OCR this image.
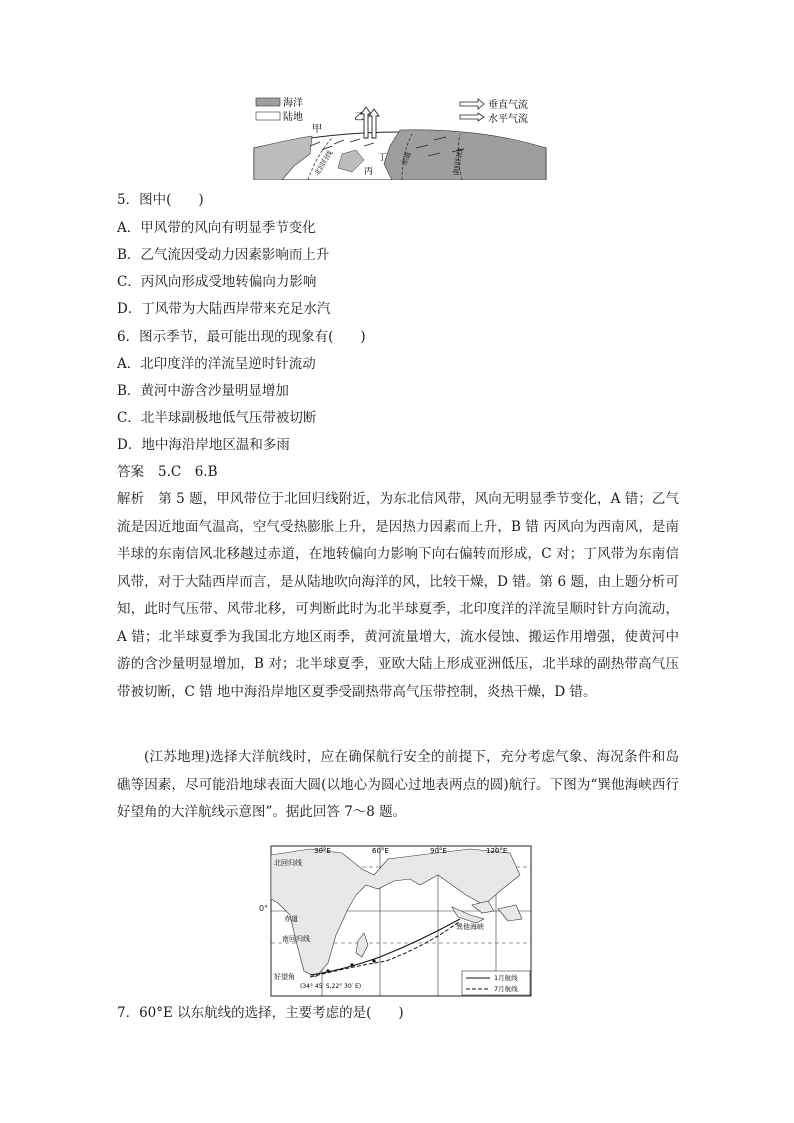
海洋
陆地
垂直气流
水平气流
甲
乙
丙
丁
北回归线	赤道	南回归线
5．图中(　　)
A．甲风带的风向有明显季节变化
B．乙气流因受动力因素影响而上升
C．丙风向形成受地转偏向力影响
D．丁风带为大陆西岸带来充足水汽
6．图示季节，最可能出现的现象有(　　)
A．北印度洋的洋流呈逆时针流动
B．黄河中游含沙量明显增加
C．北半球副极地低气压带被切断
D．地中海沿岸地区温和多雨
答案 5.C　6.B
解析 第 5 题，甲风带位于北回归线附近，为东北信风带，风向无明显季节变化，A 错；乙气流是因近地面气温高，空气受热膨胀上升，是因热力因素而上升，B 错 丙风向为西南风，是南半球的东南信风北移越过赤道，在地转偏向力影响下向右偏转而形成，C 对；丁风带为东南信风带，对于大陆西岸而言，是从陆地吹向海洋的风，比较干燥，D 错。第 6 题，由上题分析可知，此时气压带、风带北移，可判断此时为北半球夏季，北印度洋的洋流呈顺时针方向流动，A 错；北半球夏季为我国北方地区雨季，黄河流量增大，流水侵蚀、搬运作用增强，使黄河中游的含沙量明显增加，B 对；北半球夏季，亚欧大陆上形成亚洲低压，北半球的副热带高气压带被切断，C 错 地中海沿岸地区夏季受副热带高气压带控制，炎热干燥，D 错。
(江苏地理)选择大洋航线时，应在确保航行安全的前提下，充分考虑气象、海况条件和岛礁等因素，尽可能沿地球表面大圆(以地心为圆心过地表两点的圆)航行。下图为“巽他海峡西行好望角的大洋航线示意图”。据此回答 7～8 题。
30°E	60°E	90°E	120°E
北回归线
赤道
南回归线
巽他海峡
好望角
(34° 45′ S,22° 30′ E)
1月航线
7月航线
0°
7．60°E 以东航线的选择，主要考虑的是(　　)
